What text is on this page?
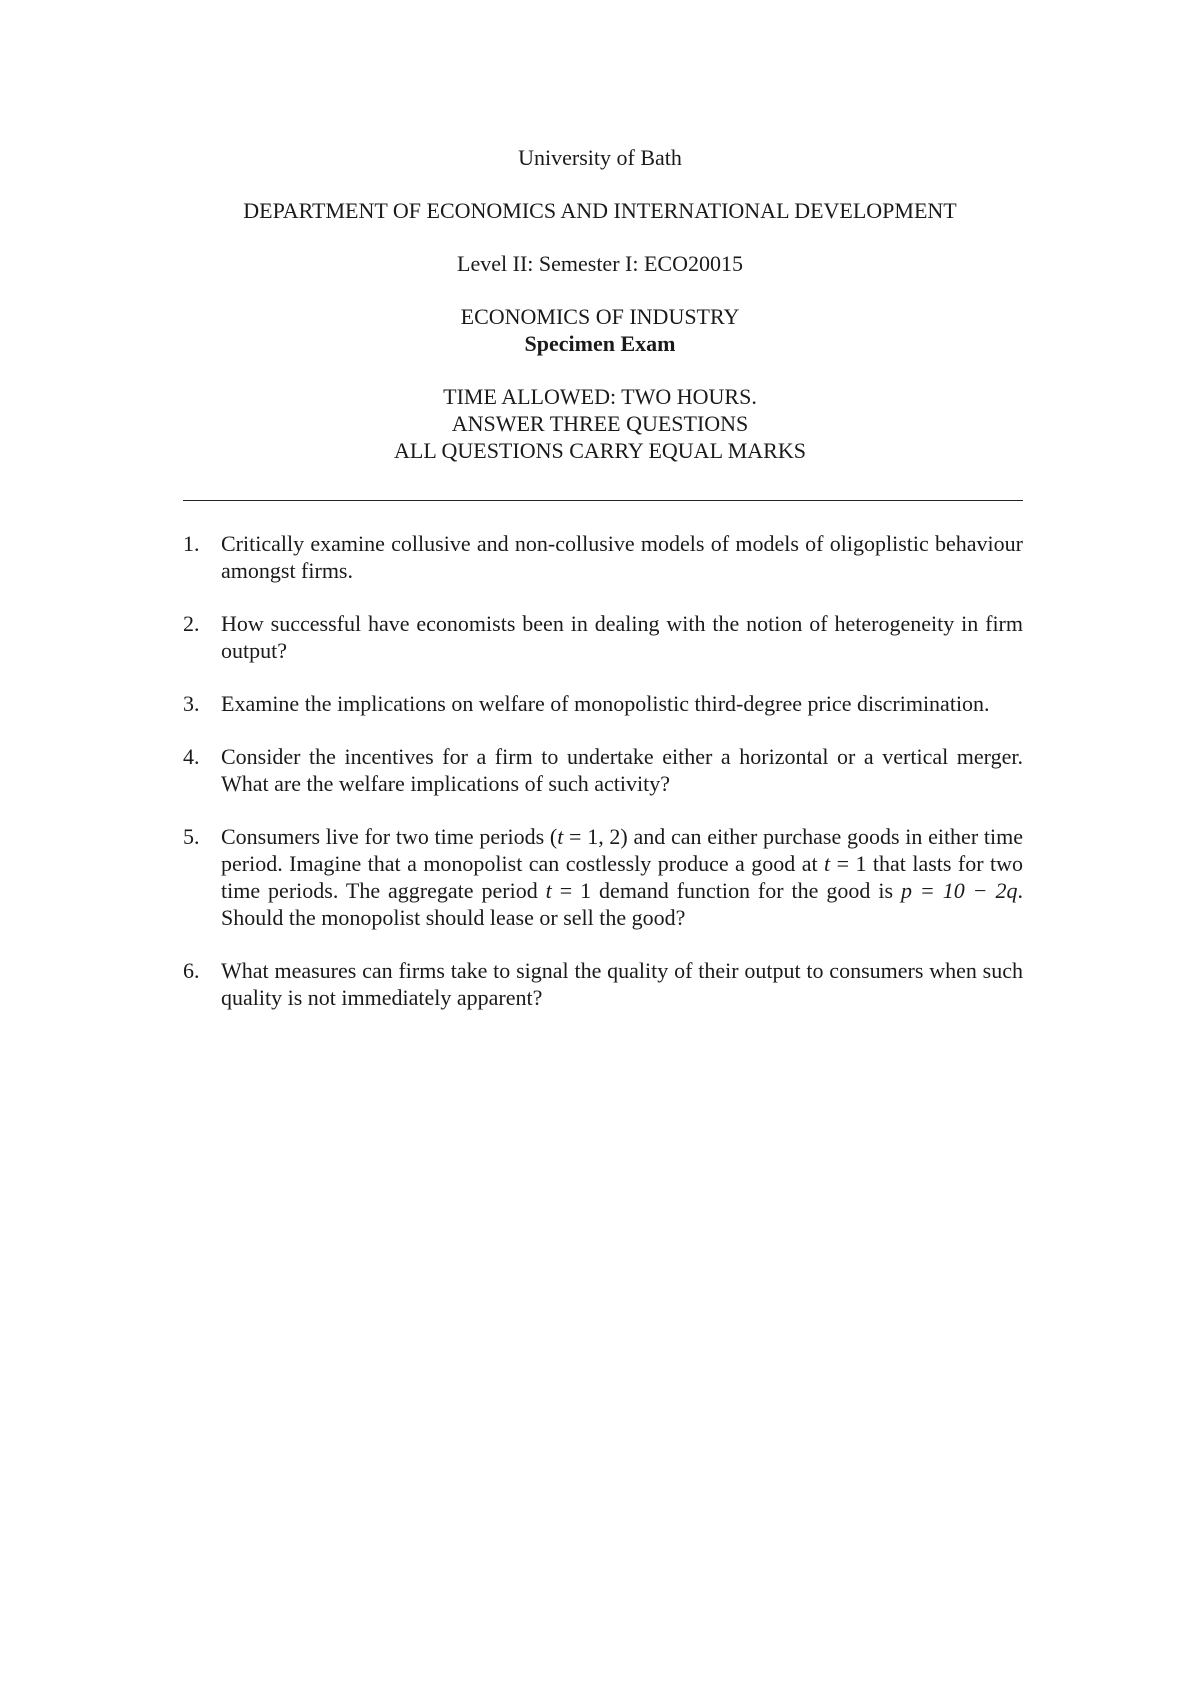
University of Bath
DEPARTMENT OF ECONOMICS AND INTERNATIONAL DEVELOPMENT
Level II: Semester I: ECO20015
ECONOMICS OF INDUSTRY
Specimen Exam
TIME ALLOWED: TWO HOURS.
ANSWER THREE QUESTIONS
ALL QUESTIONS CARRY EQUAL MARKS
1. Critically examine collusive and non-collusive models of models of oligoplistic behaviour amongst firms.
2. How successful have economists been in dealing with the notion of heterogeneity in firm output?
3. Examine the implications on welfare of monopolistic third-degree price discrimination.
4. Consider the incentives for a firm to undertake either a horizontal or a vertical merger. What are the welfare implications of such activity?
5. Consumers live for two time periods (t = 1, 2) and can either purchase goods in either time period. Imagine that a monopolist can costlessly produce a good at t = 1 that lasts for two time periods. The aggregate period t = 1 demand function for the good is p = 10 − 2q. Should the monopolist should lease or sell the good?
6. What measures can firms take to signal the quality of their output to consumers when such quality is not immediately apparent?
